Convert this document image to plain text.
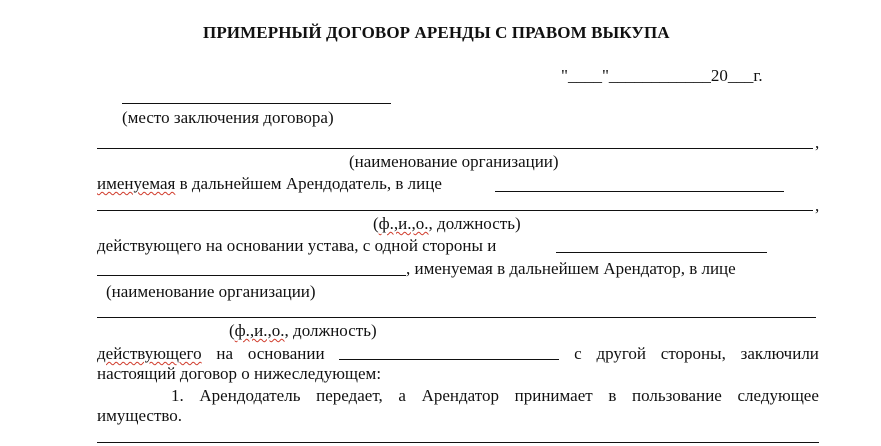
ПРИМЕРНЫЙ ДОГОВОР АРЕНДЫ С ПРАВОМ ВЫКУПА
"____"____________20___г.
(место заключения договора)
,
(наименование организации)
именуемая в дальнейшем Арендодатель, в лице
,
(ф.,и.,о., должность)
действующего на основании устава, с одной стороны и
, именуемая в дальнейшем Арендатор, в лице
(наименование организации)
(ф.,и.,о., должность)
действующего на основании	с другой стороны, заключили
настоящий договор о нижеследующем:
1. Арендодатель передает, а Арендатор принимает в пользование следующее
имущество.
